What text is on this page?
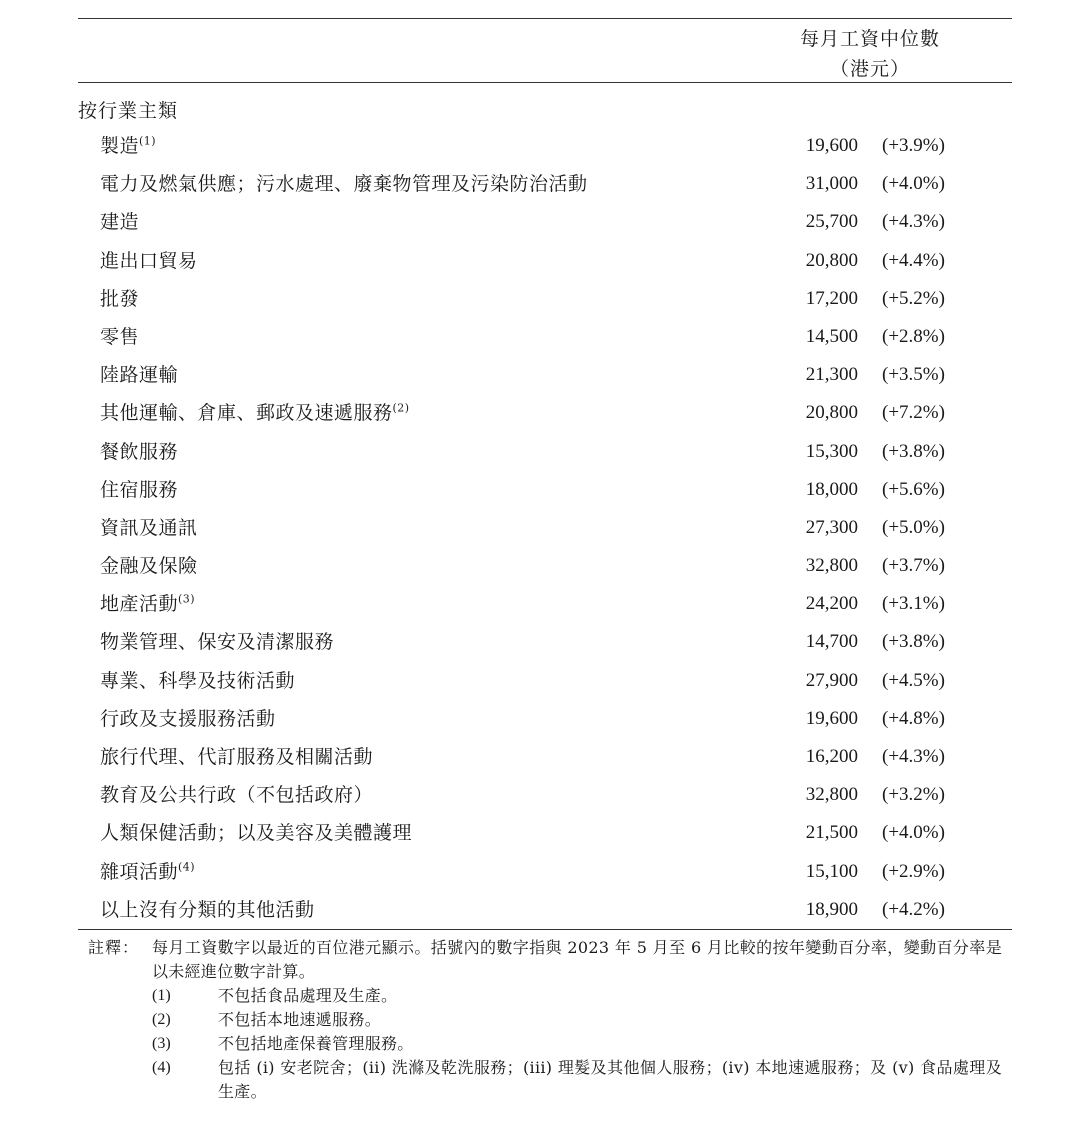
每月工資中位數
（港元）
按行業主類
製造$^{(1)}$	19,600 (+3.9%)
電力及燃氣供應；污水處理、廢棄物管理及污染防治活動	31,000 (+4.0%)
建造	25,700 (+4.3%)
進出口貿易	20,800 (+4.4%)
批發	17,200 (+5.2%)
零售	14,500 (+2.8%)
陸路運輸	21,300 (+3.5%)
其他運輸、倉庫、郵政及速遞服務$^{(2)}$	20,800 (+7.2%)
餐飲服務	15,300 (+3.8%)
住宿服務	18,000 (+5.6%)
資訊及通訊	27,300 (+5.0%)
金融及保險	32,800 (+3.7%)
地產活動$^{(3)}$	24,200 (+3.1%)
物業管理、保安及清潔服務	14,700 (+3.8%)
專業、科學及技術活動	27,900 (+4.5%)
行政及支援服務活動	19,600 (+4.8%)
旅行代理、代訂服務及相關活動	16,200 (+4.3%)
教育及公共行政（不包括政府）	32,800 (+3.2%)
人類保健活動；以及美容及美體護理	21,500 (+4.0%)
雜項活動$^{(4)}$	15,100 (+2.9%)
以上沒有分類的其他活動	18,900 (+4.2%)
註釋： 每月工資數字以最近的百位港元顯示。括號內的數字指與 2023 年 5 月至 6 月比較的按年變動百分率，變動百分率是以未經進位數字計算。
(1)	不包括食品處理及生產。
(2)	不包括本地速遞服務。
(3)	不包括地產保養管理服務。
(4)	包括 (i) 安老院舍；(ii) 洗滌及乾洗服務；(iii) 理髮及其他個人服務；(iv) 本地速遞服務；及 (v) 食品處理及生產。
